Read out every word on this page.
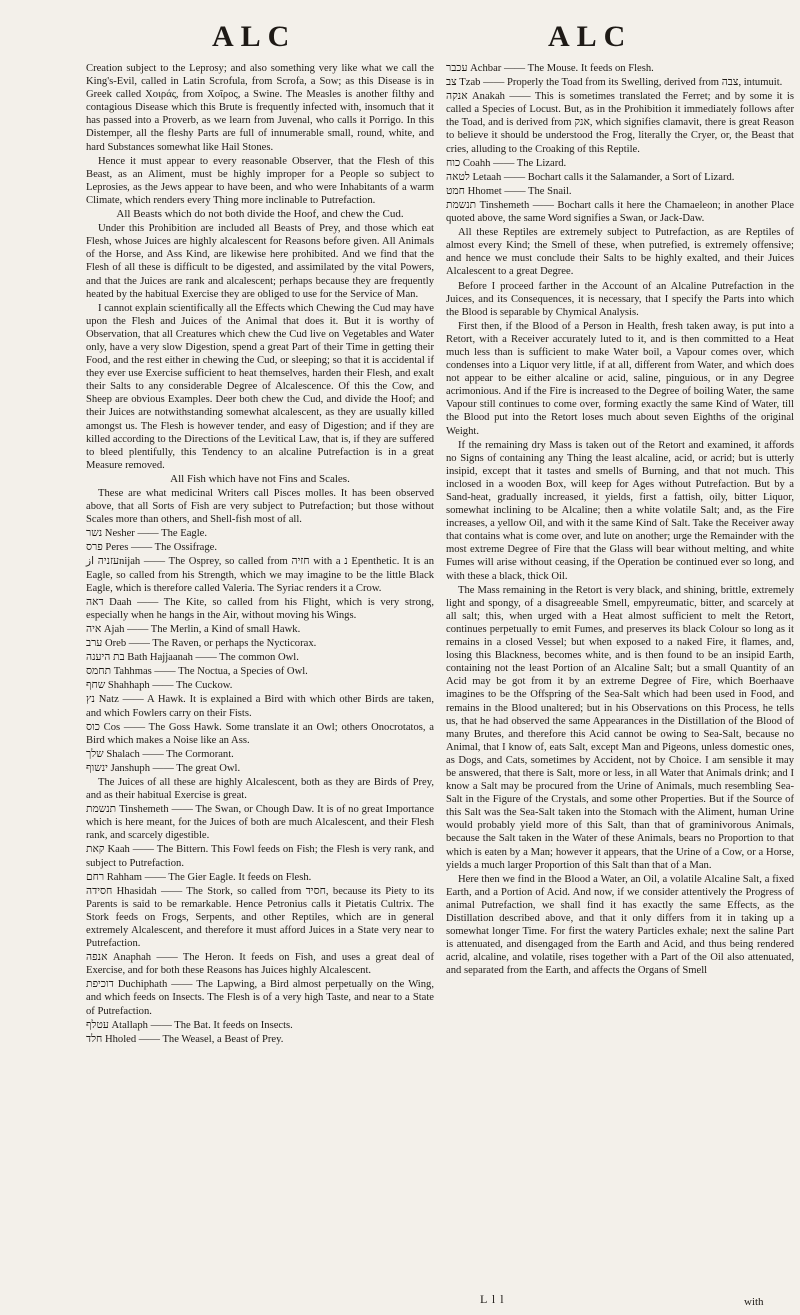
ALC	ALC

Creation subject to the Leprosy; and also something very like what we call the King's-Evil, called in Latin Scrofula, from Scrofa, a Sow; as this Disease is in Greek called Χοιράς, from Χοῖρος, a Swine. The Measles is another filthy and contagious Disease which this Brute is frequently infected with, insomuch that it has passed into a Proverb, as we learn from Juvenal, who calls it Porrigo. In this Distemper, all the fleshy Parts are full of innumerable small, round, white, and hard Substances somewhat like Hail Stones.

Hence it must appear to every reasonable Observer, that the Flesh of this Beast, as an Aliment, must be highly improper for a People so subject to Leprosies, as the Jews appear to have been, and who were Inhabitants of a warm Climate, which renders every Thing more inclinable to Putrefaction.

All Beasts which do not both divide the Hoof, and chew the Cud.

Under this Prohibition are included all Beasts of Prey, and those which eat Flesh, whose Juices are highly alcalescent for Reasons before given. All Animals of the Horse, and Ass Kind, are likewise here prohibited. And we find that the Flesh of all these is difficult to be digested, and assimilated by the vital Powers, and that the Juices are rank and alcalescent; perhaps because they are frequently heated by the habitual Exercise they are obliged to use for the Service of Man.

I cannot explain scientifically all the Effects which Chewing the Cud may have upon the Flesh and Juices of the Animal that does it. But it is worthy of Observation, that all Creatures which chew the Cud live on Vegetables and Water only, have a very slow Digestion, spend a great Part of their Time in getting their Food, and the rest either in chewing the Cud, or sleeping; so that it is accidental if they ever use Exercise sufficient to heat themselves, harden their Flesh, and exalt their Salts to any considerable Degree of Alcalescence. Of this the Cow, and Sheep are obvious Examples. Deer both chew the Cud, and divide the Hoof; and their Juices are notwithstanding somewhat alcalescent, as they are usually killed amongst us. The Flesh is however tender, and easy of Digestion; and if they are killed according to the Directions of the Levitical Law, that is, if they are suffered to bleed plentifully, this Tendency to an alcaline Putrefaction is in a great Measure removed.

All Fish which have not Fins and Scales.

These are what medicinal Writers call Pisces molles. It has been observed above, that all Sorts of Fish are very subject to Putrefaction; but those without Scales more than others, and Shell-fish most of all.

נשר Nesher —— The Eagle.

פרס Peres —— The Ossifrage.

עזניה ازnijah —— The Osprey, so called from חזיה with a נ Epenthetic. It is an Eagle, so called from his Strength, which we may imagine to be the little Black Eagle, which is therefore called Valeria. The Syriac renders it a Crow.

דאה Daah —— The Kite, so called from his Flight, which is very strong, especially when he hangs in the Air, without moving his Wings.

איה Ajah —— The Merlin, a Kind of small Hawk.

ערב Oreb —— The Raven, or perhaps the Nycticorax.

בת היענה Bath Hajjaanah —— The common Owl.

תחמס Tahhmas —— The Noctua, a Species of Owl.

שחף Shahhaph —— The Cuckow.

נץ Natz —— A Hawk. It is explained a Bird with which other Birds are taken, and which Fowlers carry on their Fists.

כוס Cos —— The Goss Hawk. Some translate it an Owl; others Onocrotatos, a Bird which makes a Noise like an Ass.

שלך Shalach —— The Cormorant.

ינשוף Janshuph —— The great Owl.

The Juices of all these are highly Alcalescent, both as they are Birds of Prey, and as their habitual Exercise is great.

תנשמת Tinshemeth —— The Swan, or Chough Daw. It is of no great Importance which is here meant, for the Juices of both are much Alcalescent, and their Flesh rank, and scarcely digestible.

קאת Kaah —— The Bittern. This Fowl feeds on Fish; the Flesh is very rank, and subject to Putrefaction.

רחם Rahham —— The Gier Eagle. It feeds on Flesh.

חסידה Hhasidah —— The Stork, so called from חסיד, because its Piety to its Parents is said to be remarkable. Hence Petronius calls it Pietatis Cultrix. The Stork feeds on Frogs, Serpents, and other Reptiles, which are in general extremely Alcalescent, and therefore it must afford Juices in a State very near to Putrefaction.

אנפה Anaphah —— The Heron. It feeds on Fish, and uses a great deal of Exercise, and for both these Reasons has Juices highly Alcalescent.

דוכיפת Duchiphath —— The Lapwing, a Bird almost perpetually on the Wing, and which feeds on Insects. The Flesh is of a very high Taste, and near to a State of Putrefaction.

עטלף Atallaph —— The Bat. It feeds on Insects.

חלד Hholed —— The Weasel, a Beast of Prey.

עכבר Achbar —— The Mouse. It feeds on Flesh.

צב Tzab —— Properly the Toad from its Swelling, derived from צבה, intumuit.

אנקה Anakah —— This is sometimes translated the Ferret; and by some it is called a Species of Locust. But, as in the Prohibition it immediately follows after the Toad, and is derived from אנק, which signifies clamavit, there is great Reason to believe it should be understood the Frog, literally the Cryer, or, the Beast that cries, alluding to the Croaking of this Reptile.

כוח Coahh —— The Lizard.

לטאה Letaah —— Bochart calls it the Salamander, a Sort of Lizard.

חמט Hhomet —— The Snail.

תנשמת Tinshemeth —— Bochart calls it here the Chamaeleon; in another Place quoted above, the same Word signifies a Swan, or Jack-Daw.

All these Reptiles are extremely subject to Putrefaction, as are Reptiles of almost every Kind; the Smell of these, when putrefied, is extremely offensive; and hence we must conclude their Salts to be highly exalted, and their Juices Alcalescent to a great Degree.

Before I proceed farther in the Account of an Alcaline Putrefaction in the Juices, and its Consequences, it is necessary, that I specify the Parts into which the Blood is separable by Chymical Analysis.

First then, if the Blood of a Person in Health, fresh taken away, is put into a Retort, with a Receiver accurately luted to it, and is then committed to a Heat much less than is sufficient to make Water boil, a Vapour comes over, which condenses into a Liquor very little, if at all, different from Water, and which does not appear to be either alcaline or acid, saline, pinguious, or in any Degree acrimonious. And if the Fire is increased to the Degree of boiling Water, the same Vapour still continues to come over, forming exactly the same Kind of Water, till the Blood put into the Retort loses much about seven Eighths of the original Weight.

If the remaining dry Mass is taken out of the Retort and examined, it affords no Signs of containing any Thing the least alcaline, acid, or acrid; but is utterly insipid, except that it tastes and smells of Burning, and that not much. This inclosed in a wooden Box, will keep for Ages without Putrefaction. But by a Sand-heat, gradually increased, it yields, first a fattish, oily, bitter Liquor, somewhat inclining to be Alcaline; then a white volatile Salt; and, as the Fire increases, a yellow Oil, and with it the same Kind of Salt. Take the Receiver away that contains what is come over, and lute on another; urge the Remainder with the most extreme Degree of Fire that the Glass will bear without melting, and white Fumes will arise without ceasing, if the Operation be continued ever so long, and with these a black, thick Oil.

The Mass remaining in the Retort is very black, and shining, brittle, extremely light and spongy, of a disagreeable Smell, empyreumatic, bitter, and scarcely at all salt; this, when urged with a Heat almost sufficient to melt the Retort, continues perpetually to emit Fumes, and preserves its black Colour so long as it remains in a closed Vessel; but when exposed to a naked Fire, it flames, and, losing this Blackness, becomes white, and is then found to be an insipid Earth, containing not the least Portion of an Alcaline Salt; but a small Quantity of an Acid may be got from it by an extreme Degree of Fire, which Boerhaave imagines to be the Offspring of the Sea-Salt which had been used in Food, and remains in the Blood unaltered; but in his Observations on this Process, he tells us, that he had observed the same Appearances in the Distillation of the Blood of many Brutes, and therefore this Acid cannot be owing to Sea-Salt, because no Animal, that I know of, eats Salt, except Man and Pigeons, unless domestic ones, as Dogs, and Cats, sometimes by Accident, not by Choice. I am sensible it may be answered, that there is Salt, more or less, in all Water that Animals drink; and I know a Salt may be procured from the Urine of Animals, much resembling Sea-Salt in the Figure of the Crystals, and some other Properties. But if the Source of this Salt was the Sea-Salt taken into the Stomach with the Aliment, human Urine would probably yield more of this Salt, than that of graminivorous Animals, because the Salt taken in the Water of these Animals, bears no Proportion to that which is eaten by a Man; however it appears, that the Urine of a Cow, or a Horse, yields a much larger Proportion of this Salt than that of a Man.

Here then we find in the Blood a Water, an Oil, a volatile Alcaline Salt, a fixed Earth, and a Portion of Acid. And now, if we consider attentively the Progress of animal Putrefaction, we shall find it has exactly the same Effects, as the Distillation described above, and that it only differs from it in taking up a somewhat longer Time. For first the watery Particles exhale; next the saline Part is attenuated, and disengaged from the Earth and Acid, and thus being rendered acrid, alcaline, and volatile, rises together with a Part of the Oil also attenuated, and separated from the Earth, and affects the Organs of Smell

L l l	with
